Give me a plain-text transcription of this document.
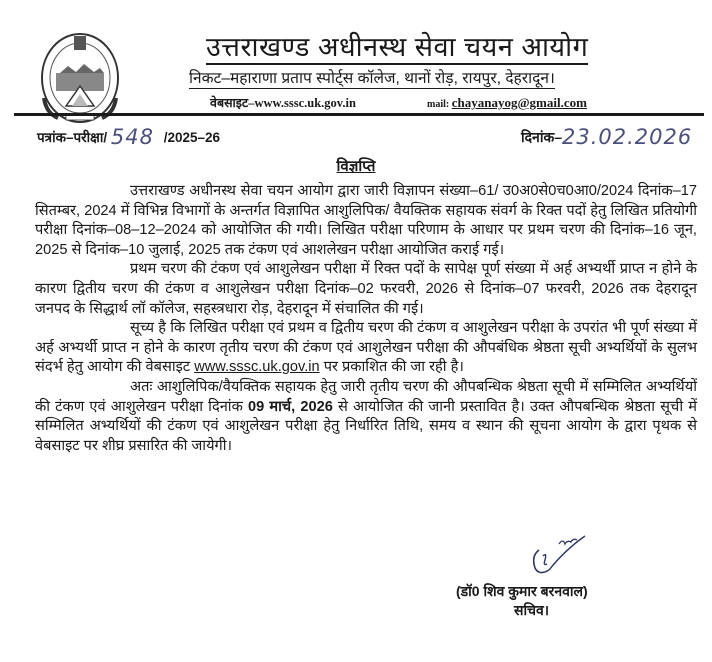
उत्तराखण्ड अधीनस्थ सेवा चयन आयोग
निकट–महाराणा प्रताप स्पोर्ट्स कॉलेज, थानों रोड़, रायपुर, देहरादून।
वेबसाइट–www.sssc.uk.gov.in	mail: chayanayog@gmail.com
पत्रांक–परीक्षा/ 548 /2025–26	दिनांक–23.02.2026
विज्ञप्ति

उत्तराखण्ड अधीनस्थ सेवा चयन आयोग द्वारा जारी विज्ञापन संख्या–61/ उ0अ0से0च0आ0/2024 दिनांक–17 सितम्बर, 2024 में विभिन्न विभागों के अन्तर्गत विज्ञापित आशुलिपिक/ वैयक्तिक सहायक संवर्ग के रिक्त पदों हेतु लिखित प्रतियोगी परीक्षा दिनांक–08–12–2024 को आयोजित की गयी। लिखित परीक्षा परिणाम के आधार पर प्रथम चरण की दिनांक–16 जून, 2025 से दिनांक–10 जुलाई, 2025 तक टंकण एवं आशलेखन परीक्षा आयोजित कराई गई।

प्रथम चरण की टंकण एवं आशुलेखन परीक्षा में रिक्त पदों के सापेक्ष पूर्ण संख्या में अर्ह अभ्यर्थी प्राप्त न होने के कारण द्वितीय चरण की टंकण व आशुलेखन परीक्षा दिनांक–02 फरवरी, 2026 से दिनांक–07 फरवरी, 2026 तक देहरादून जनपद के सिद्धार्थ लॉ कॉलेज, सहस्त्रधारा रोड़, देहरादून में संचालित की गई।

सूच्य है कि लिखित परीक्षा एवं प्रथम व द्वितीय चरण की टंकण व आशुलेखन परीक्षा के उपरांत भी पूर्ण संख्या में अर्ह अभ्यर्थी प्राप्त न होने के कारण तृतीय चरण की टंकण एवं आशुलेखन परीक्षा की औपबंधिक श्रेष्ठता सूची अभ्यर्थियों के सुलभ संदर्भ हेतु आयोग की वेबसाइट www.sssc.uk.gov.in पर प्रकाशित की जा रही है।

अतः आशुलिपिक/वैयक्तिक सहायक हेतु जारी तृतीय चरण की औपबन्धिक श्रेष्ठता सूची में सम्मिलित अभ्यर्थियों की टंकण एवं आशुलेखन परीक्षा दिनांक 09 मार्च, 2026 से आयोजित की जानी प्रस्तावित है। उक्त औपबन्धिक श्रेष्ठता सूची में सम्मिलित अभ्यर्थियों की टंकण एवं आशुलेखन परीक्षा हेतु निर्धारित तिथि, समय व स्थान की सूचना आयोग के द्वारा पृथक से वेबसाइट पर शीघ्र प्रसारित की जायेगी।

(डॉ0 शिव कुमार बरनवाल)
सचिव।
